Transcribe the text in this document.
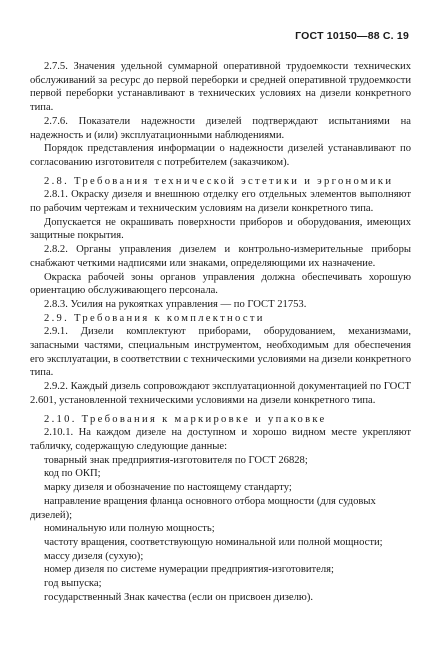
ГОСТ 10150—88 С. 19

2.7.5. Значения удельной суммарной оперативной трудоемкости технических обслуживаний за ресурс до первой переборки и средней оперативной трудоемкости первой переборки устанавливают в технических условиях на дизели конкретного типа.

2.7.6. Показатели надежности дизелей подтверждают испытаниями на надежность и (или) эксплуатационными наблюдениями.

Порядок представления информации о надежности дизелей устанавливают по согласованию изготовителя с потребителем (заказчиком).

2.8. Требования технической эстетики и эргономики

2.8.1. Окраску дизеля и внешнюю отделку его отдельных элементов выполняют по рабочим чертежам и техническим условиям на дизели конкретного типа.

Допускается не окрашивать поверхности приборов и оборудования, имеющих защитные покрытия.

2.8.2. Органы управления дизелем и контрольно-измерительные приборы снабжают четкими надписями или знаками, определяющими их назначение.

Окраска рабочей зоны органов управления должна обеспечивать хорошую ориентацию обслуживающего персонала.

2.8.3. Усилия на рукоятках управления — по ГОСТ 21753.

2.9. Требования к комплектности

2.9.1. Дизели комплектуют приборами, оборудованием, механизмами, запасными частями, специальным инструментом, необходимым для обеспечения его эксплуатации, в соответствии с техническими условиями на дизели конкретного типа.

2.9.2. Каждый дизель сопровождают эксплуатационной документацией по ГОСТ 2.601, установленной техническими условиями на дизели конкретного типа.

2.10. Требования к маркировке и упаковке

2.10.1. На каждом дизеле на доступном и хорошо видном месте укрепляют табличку, содержащую следующие данные:

товарный знак предприятия-изготовителя по ГОСТ 26828;

код по ОКП;

марку дизеля и обозначение по настоящему стандарту;

направление вращения фланца основного отбора мощности (для судовых дизелей);

номинальную или полную мощность;

частоту вращения, соответствующую номинальной или полной мощности;

массу дизеля (сухую);

номер дизеля по системе нумерации предприятия-изготовителя;

год выпуска;

государственный Знак качества (если он присвоен дизелю).
